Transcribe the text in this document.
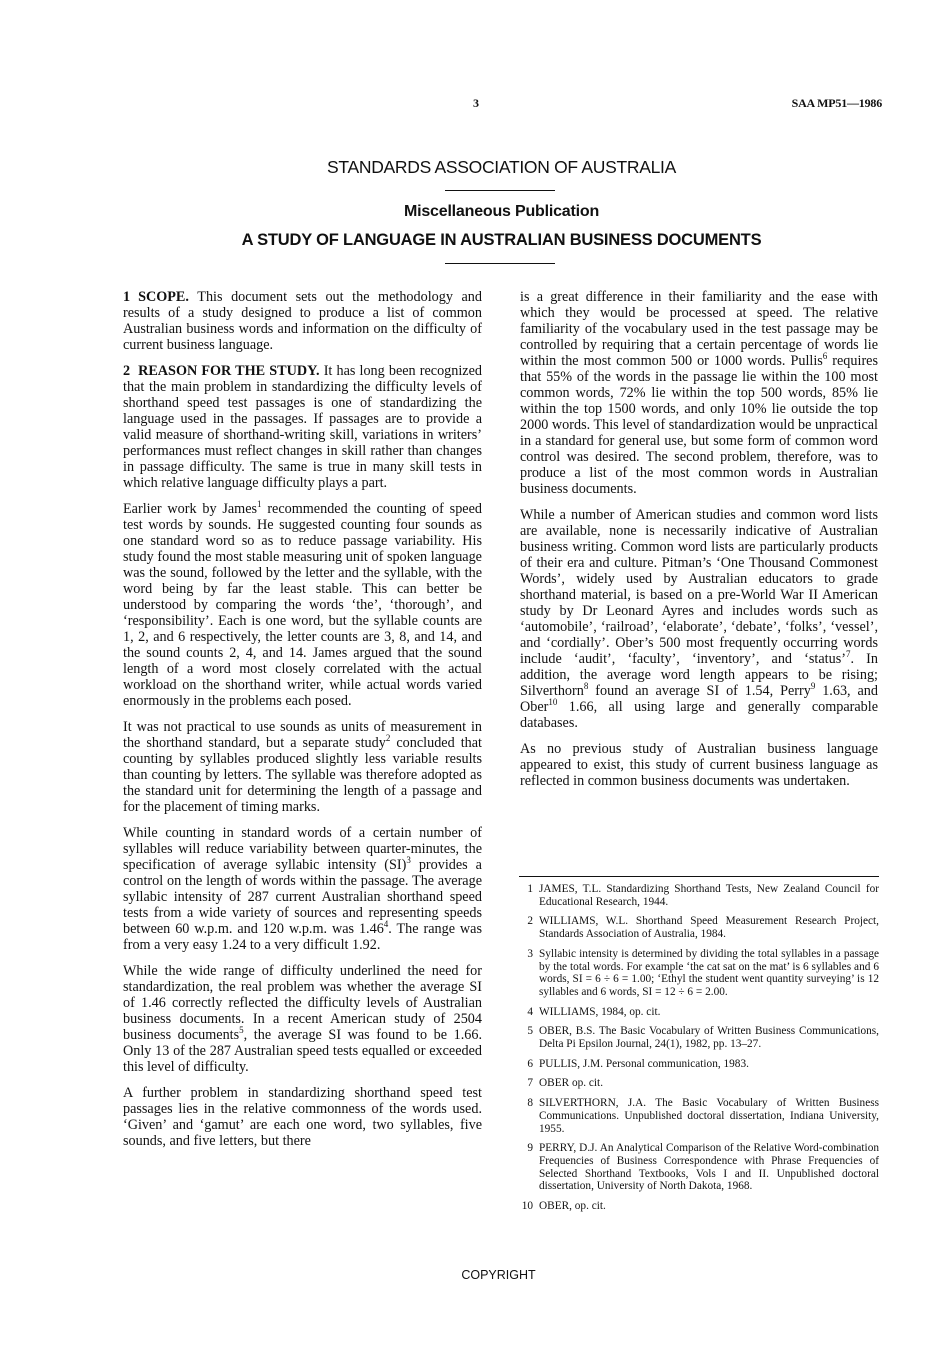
3	SAA MP51—1986
STANDARDS ASSOCIATION OF AUSTRALIA
Miscellaneous Publication
A STUDY OF LANGUAGE IN AUSTRALIAN BUSINESS DOCUMENTS

1 SCOPE. This document sets out the methodology and results of a study designed to produce a list of common Australian business words and information on the difficulty of current business language.

2 REASON FOR THE STUDY. It has long been recognized that the main problem in standardizing the difficulty levels of shorthand speed test passages is one of standardizing the language used in the passages. If passages are to provide a valid measure of shorthand-writing skill, variations in writers’ performances must reflect changes in skill rather than changes in passage difficulty. The same is true in many skill tests in which relative language difficulty plays a part.

Earlier work by James$^1$ recommended the counting of speed test words by sounds. He suggested counting four sounds as one standard word so as to reduce passage variability. His study found the most stable measuring unit of spoken language was the sound, followed by the letter and the syllable, with the word being by far the least stable. This can better be understood by comparing the words ‘the’, ‘thorough’, and ‘responsibility’. Each is one word, but the syllable counts are 1, 2, and 6 respectively, the letter counts are 3, 8, and 14, and the sound counts 2, 4, and 14. James argued that the sound length of a word most closely correlated with the actual workload on the shorthand writer, while actual words varied enormously in the problems each posed.

It was not practical to use sounds as units of measurement in the shorthand standard, but a separate study$^2$ concluded that counting by syllables produced slightly less variable results than counting by letters. The syllable was therefore adopted as the standard unit for determining the length of a passage and for the placement of timing marks.

While counting in standard words of a certain number of syllables will reduce variability between quarter-minutes, the specification of average syllabic intensity (SI)$^3$ provides a control on the length of words within the passage. The average syllabic intensity of 287 current Australian shorthand speed tests from a wide variety of sources and representing speeds between 60 w.p.m. and 120 w.p.m. was 1.46$^4$. The range was from a very easy 1.24 to a very difficult 1.92.

While the wide range of difficulty underlined the need for standardization, the real problem was whether the average SI of 1.46 correctly reflected the difficulty levels of Australian business documents. In a recent American study of 2504 business documents$^5$, the average SI was found to be 1.66. Only 13 of the 287 Australian speed tests equalled or exceeded this level of difficulty.

A further problem in standardizing shorthand speed test passages lies in the relative commonness of the words used. ‘Given’ and ‘gamut’ are each one word, two syllables, five sounds, and five letters, but there

is a great difference in their familiarity and the ease with which they would be processed at speed. The relative familiarity of the vocabulary used in the test passage may be controlled by requiring that a certain percentage of words lie within the most common 500 or 1000 words. Pullis$^6$ requires that 55% of the words in the passage lie within the 100 most common words, 72% lie within the top 500 words, 85% lie within the top 1500 words, and only 10% lie outside the top 2000 words. This level of standardization would be unpractical in a standard for general use, but some form of common word control was desired. The second problem, therefore, was to produce a list of the most common words in Australian business documents.

While a number of American studies and common word lists are available, none is necessarily indicative of Australian business writing. Common word lists are particularly products of their era and culture. Pitman’s ‘One Thousand Commonest Words’, widely used by Australian educators to grade shorthand material, is based on a pre-World War II American study by Dr Leonard Ayres and includes words such as ‘automobile’, ‘railroad’, ‘elaborate’, ‘debate’, ‘folks’, ‘vessel’, and ‘cordially’. Ober’s 500 most frequently occurring words include ‘audit’, ‘faculty’, ‘inventory’, and ‘status’$^7$. In addition, the average word length appears to be rising; Silverthorn$^8$ found an average SI of 1.54, Perry$^9$ 1.63, and Ober$^{10}$ 1.66, all using large and generally comparable databases.

As no previous study of Australian business language appeared to exist, this study of current business language as reflected in common business documents was undertaken.

1 JAMES, T.L. Standardizing Shorthand Tests, New Zealand Council for Educational Research, 1944.
2 WILLIAMS, W.L. Shorthand Speed Measurement Research Project, Standards Association of Australia, 1984.
3 Syllabic intensity is determined by dividing the total syllables in a passage by the total words. For example ‘the cat sat on the mat’ is 6 syllables and 6 words, SI = 6 ÷ 6 = 1.00; ‘Ethyl the student went quantity surveying’ is 12 syllables and 6 words, SI = 12 ÷ 6 = 2.00.
4 WILLIAMS, 1984, op. cit.
5 OBER, B.S. The Basic Vocabulary of Written Business Communications, Delta Pi Epsilon Journal, 24(1), 1982, pp. 13–27.
6 PULLIS, J.M. Personal communication, 1983.
7 OBER op. cit.
8 SILVERTHORN, J.A. The Basic Vocabulary of Written Business Communications. Unpublished doctoral dissertation, Indiana University, 1955.
9 PERRY, D.J. An Analytical Comparison of the Relative Word-combination Frequencies of Business Correspondence with Phrase Frequencies of Selected Shorthand Textbooks, Vols I and II. Unpublished doctoral dissertation, University of North Dakota, 1968.
10 OBER, op. cit.
COPYRIGHT
